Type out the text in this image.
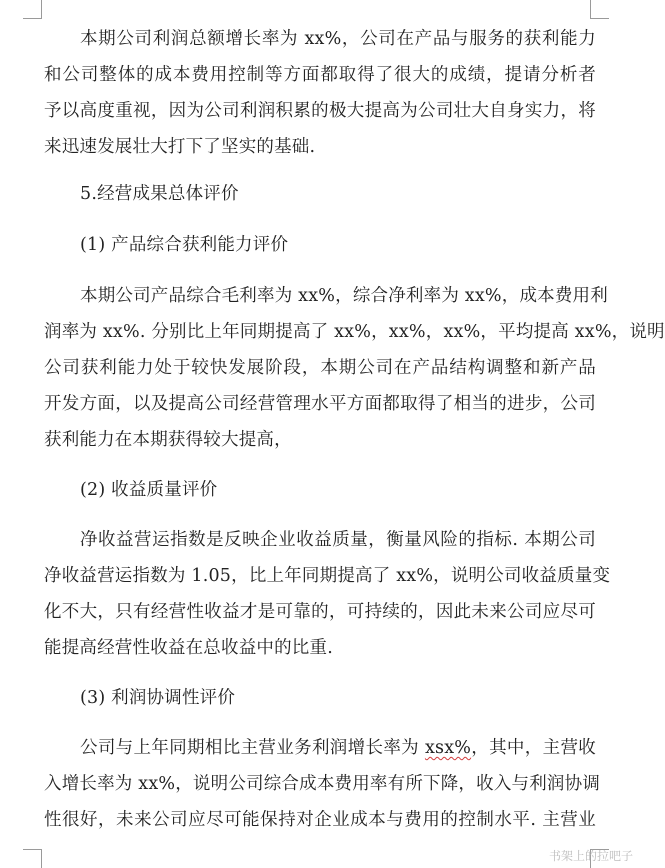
本期公司利润总额增长率为 xx%，公司在产品与服务的获利能力
和公司整体的成本费用控制等方面都取得了很大的成绩，提请分析者
予以高度重视，因为公司利润积累的极大提高为公司壮大自身实力，将
来迅速发展壮大打下了坚实的基础.
5.经营成果总体评价
(1) 产品综合获利能力评价
本期公司产品综合毛利率为 xx%，综合净利率为 xx%，成本费用利
润率为 xx%. 分别比上年同期提高了 xx%，xx%，xx%，平均提高 xx%，说明
公司获利能力处于较快发展阶段，本期公司在产品结构调整和新产品
开发方面，以及提高公司经营管理水平方面都取得了相当的进步，公司
获利能力在本期获得较大提高，
(2) 收益质量评价
净收益营运指数是反映企业收益质量，衡量风险的指标. 本期公司
净收益营运指数为 1.05，比上年同期提高了 xx%，说明公司收益质量变
化不大，只有经营性收益才是可靠的，可持续的，因此未来公司应尽可
能提高经营性收益在总收益中的比重.
(3) 利润协调性评价
公司与上年同期相比主营业务利润增长率为 xsx%，其中，主营收
入增长率为 xx%，说明公司综合成本费用率有所下降，收入与利润协调
性很好，未来公司应尽可能保持对企业成本与费用的控制水平. 主营业
书架上的拉吧子
